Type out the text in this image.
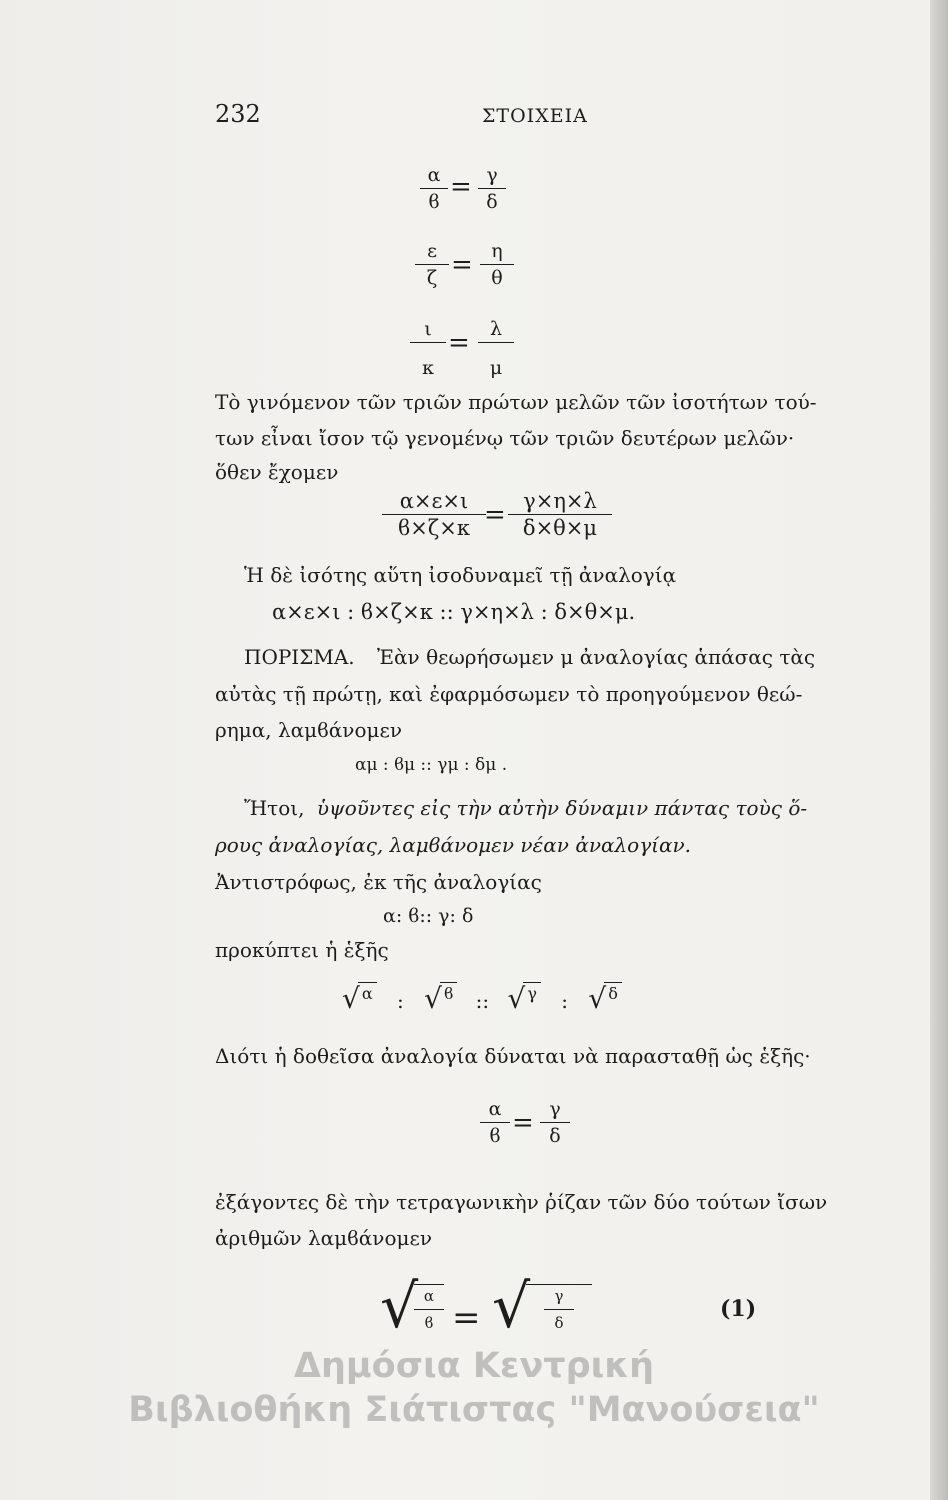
232	ΣΤΟΙΧΕΙΑ
α
ϐ = γ
δ
ε
ζ = η
θ
ι
κ
=	λ
μ
Τὸ γινόμενον τῶν τριῶν πρώτων μελῶν τῶν ἰσοτήτων τού-
των εἶναι ἴσον τῷ γενομένῳ τῶν τριῶν δευτέρων μελῶν·
ὅθεν ἔχομεν
α×ε×ι
ϐ×ζ×κ = γ×η×λ
δ×θ×μ
Ἡ δὲ ἰσότης αὕτη ἰσοδυναμεῖ τῇ ἀναλογίᾳ
α×ε×ι : ϐ×ζ×κ :: γ×η×λ : δ×θ×μ.
ΠΟΡΙΣΜΑ. Ἐὰν θεωρήσωμεν μ ἀναλογίας ἁπάσας τὰς
αὐτὰς τῇ πρώτῃ, καὶ ἐφαρμόσωμεν τὸ προηγούμενον θεώ-
ρημα, λαμϐάνομεν
αμ : ϐμ :: γμ : δμ .
Ἤτοι, ὑψοῦντες εἰς τὴν αὐτὴν δύναμιν πάντας τοὺς ὅ-
ρους ἀναλογίας, λαμϐάνομεν νέαν ἀναλογίαν.
Ἀντιστρόφως, ἐκ τῆς ἀναλογίας
α: ϐ:: γ: δ
προκύπτει ἡ ἑξῆς
√ α : √ ϐ :: √ γ : √ δ
Διότι ἡ δοθεῖσα ἀναλογία δύναται νὰ παρασταθῇ ὡς ἑξῆς·
α
ϐ = γ
δ
ἐξάγοντες δὲ τὴν τετραγωνικὴν ῥίζαν τῶν δύο τούτων ἴσων
ἀριθμῶν λαμϐάνομεν
√ α
ϐ = √	γ
δ
(1)
Δημόσια Κεντρική
Βιβλιοθήκη Σιάτιστας "Μανούσεια"
